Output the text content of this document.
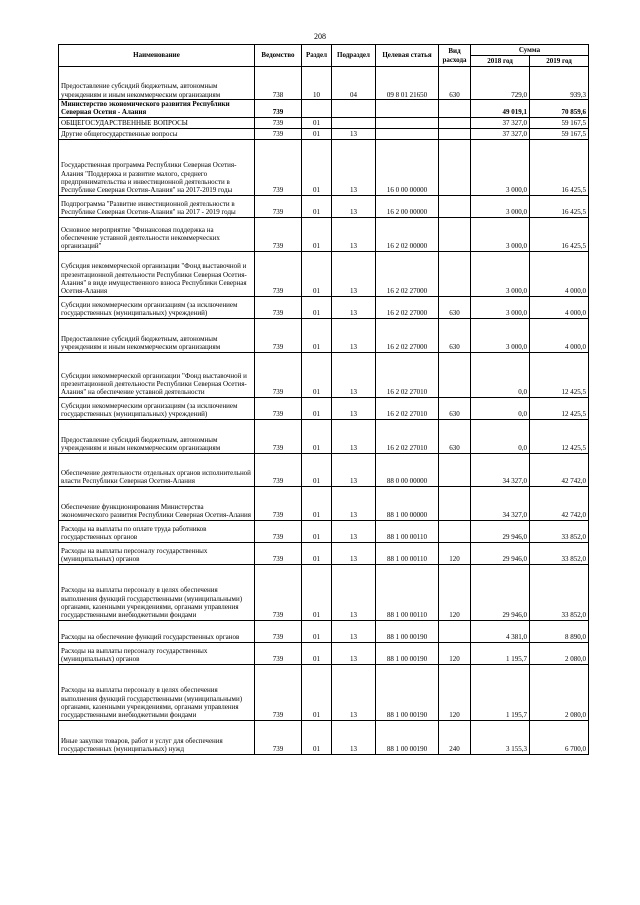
208
Наименование	Ведомство	Раздел	Подраздел	Целевая статья	Вид расхода	Сумма	
						2018 год	2019 год
Предоставление субсидий бюджетным, автономным учреждениям и иным некоммерческим организациям	738	10	04	09 8 01 21650	630	729,0	939,3
Министерство экономического развития Республики Северная Осетия - Алания	739					49 019,1	70 859,6
ОБЩЕГОСУДАРСТВЕННЫЕ ВОПРОСЫ	739	01				37 327,0	59 167,5
Другие общегосударственные вопросы	739	01	13			37 327,0	59 167,5
Государственная программа Республики Северная Осетия-Алания "Поддержка и развитие малого, среднего предпринимательства и инвестиционной деятельности в Республике Северная Осетия-Алания" на 2017-2019 годы	739	01	13	16 0 00 00000		3 000,0	16 425,5
Подпрограмма "Развитие инвестиционной деятельности в Республике Северная Осетия-Алания" на 2017 - 2019 годы	739	01	13	16 2 00 00000		3 000,0	16 425,5
Основное мероприятие "Финансовая поддержка на обеспечение уставной деятельности некоммерческих организаций"	739	01	13	16 2 02 00000		3 000,0	16 425,5
Субсидия некоммерческой организации "Фонд выставочной и презентационной деятельности Республики Северная Осетия-Алания" в виде имущественного взноса Республики Северная Осетия-Алания	739	01	13	16 2 02 27000		3 000,0	4 000,0
Субсидии некоммерческим организациям (за исключением государственных (муниципальных) учреждений)	739	01	13	16 2 02 27000	630	3 000,0	4 000,0
Предоставление субсидий бюджетным, автономным учреждениям и иным некоммерческим организациям	739	01	13	16 2 02 27000	630	3 000,0	4 000,0
Субсидии некоммерческой организации "Фонд выставочной и презентационной деятельности Республики Северная Осетия-Алания" на обеспечение уставной деятельности	739	01	13	16 2 02 27010		0,0	12 425,5
Субсидии некоммерческим организациям (за исключением государственных (муниципальных) учреждений)	739	01	13	16 2 02 27010	630	0,0	12 425,5
Предоставление субсидий бюджетным, автономным учреждениям и иным некоммерческим организациям	739	01	13	16 2 02 27010	630	0,0	12 425,5
Обеспечение деятельности отдельных органов исполнительной власти Республики Северная Осетия-Алания	739	01	13	88 0 00 00000		34 327,0	42 742,0
Обеспечение функционирования Министерства экономического развития Республики Северная Осетия-Алания	739	01	13	88 1 00 00000		34 327,0	42 742,0
Расходы на выплаты по оплате труда работников государственных органов	739	01	13	88 1 00 00110		29 946,0	33 852,0
Расходы на выплаты персоналу государственных (муниципальных) органов	739	01	13	88 1 00 00110	120	29 946,0	33 852,0
Расходы на выплаты персоналу в целях обеспечения выполнения функций государственными (муниципальными) органами, казенными учреждениями, органами управления государственными внебюджетными фондами	739	01	13	88 1 00 00110	120	29 946,0	33 852,0
Расходы на обеспечение функций государственных органов	739	01	13	88 1 00 00190		4 381,0	8 890,0
Расходы на выплаты персоналу государственных (муниципальных) органов	739	01	13	88 1 00 00190	120	1 195,7	2 080,0
Расходы на выплаты персоналу в целях обеспечения выполнения функций государственными (муниципальными) органами, казенными учреждениями, органами управления государственными внебюджетными фондами	739	01	13	88 1 00 00190	120	1 195,7	2 080,0
Иные закупки товаров, работ и услуг для обеспечения государственных (муниципальных) нужд	739	01	13	88 1 00 00190	240	3 155,3	6 700,0
